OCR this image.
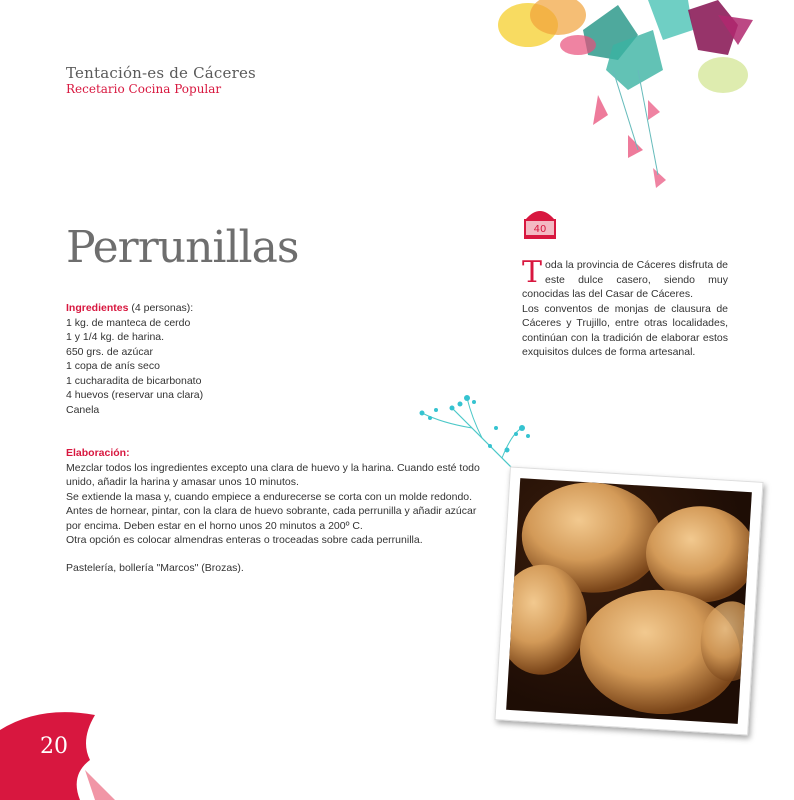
Tentación-es de Cáceres
Recetario Cocina Popular
40
Perrunillas
Ingredientes (4 personas):
1 kg. de manteca de cerdo
1 y 1/4 kg. de harina.
650 grs. de azúcar
1 copa de anís seco
1 cucharadita de bicarbonato
4 huevos (reservar una clara)
Canela
Elaboración:
Mezclar todos los ingredientes excepto una clara de huevo y la harina. Cuando esté todo
unido, añadir la harina y amasar unos 10 minutos.
Se extiende la masa y, cuando empiece a endurecerse se corta con un molde redondo.
Antes de hornear, pintar, con la clara de huevo sobrante, cada perrunilla y añadir azúcar
por encima. Deben estar en el horno unos 20 minutos a 200º C.
Otra opción es colocar almendras enteras o troceadas sobre cada perrunilla.
Pastelería, bollería "Marcos" (Brozas).

Toda la provincia de Cáceres disfruta de este dulce casero, siendo muy conocidas las del Casar de Cáceres.

Los conventos de monjas de clausura de Cáceres y Trujillo, entre otras localidades, continúan con la tradición de elaborar estos exquisitos dulces de forma artesanal.

20
